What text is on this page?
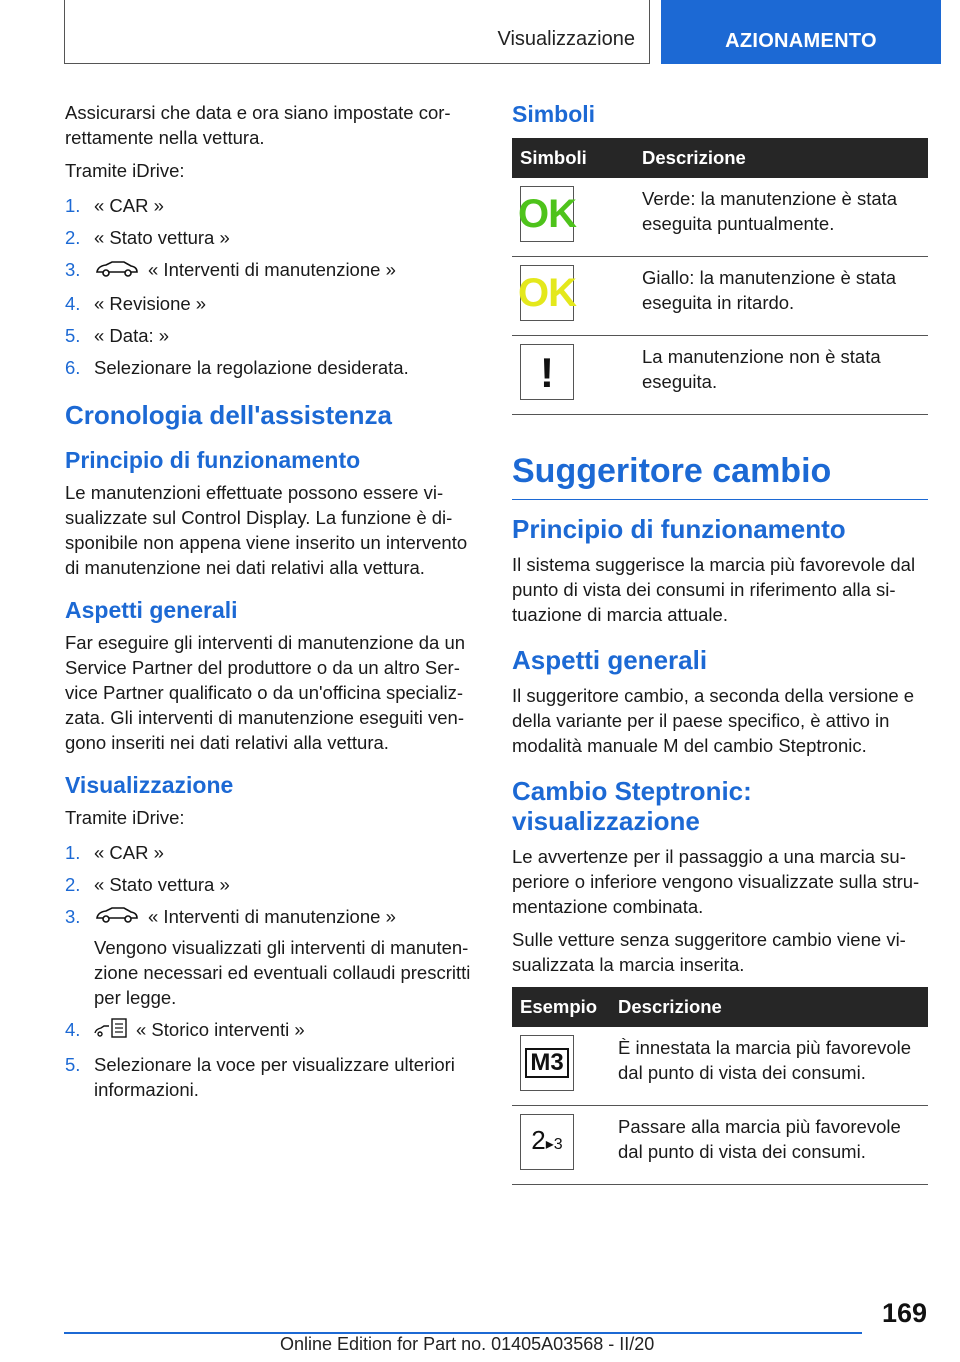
Visualizzazione	AZIONAMENTO

Assicurarsi che data e ora siano impostate cor-rettamente nella vettura.

Tramite iDrive:

1. « CAR »
2. « Stato vettura »
3.	« Interventi di manutenzione »
4. « Revisione »
5. « Data: »
6. Selezionare la regolazione desiderata.
Cronologia dell'assistenza
Principio di funzionamento

Le manutenzioni effettuate possono essere vi-sualizzate sul Control Display. La funzione è di-sponibile non appena viene inserito un intervento di manutenzione nei dati relativi alla vettura.

Aspetti generali

Far eseguire gli interventi di manutenzione da un Service Partner del produttore o da un altro Ser-vice Partner qualificato o da un'officina specializ-zata. Gli interventi di manutenzione eseguiti ven-gono inseriti nei dati relativi alla vettura.

Visualizzazione

Tramite iDrive:

1. « CAR »
2. « Stato vettura »
3.	« Interventi di manutenzione »
Vengono visualizzati gli interventi di manuten-zione necessari ed eventuali collaudi prescritti per legge.
4.	« Storico interventi »
5. Selezionare la voce per visualizzare ulteriori informazioni.
Simboli
Simboli	Descrizione

OK	Verde: la manutenzione è stata eseguita puntualmente.

OK	Giallo: la manutenzione è stata eseguita in ritardo.

!	La manutenzione non è stata eseguita.
Suggeritore cambio
Principio di funzionamento

Il sistema suggerisce la marcia più favorevole dal punto di vista dei consumi in riferimento alla si-tuazione di marcia attuale.

Aspetti generali

Il suggeritore cambio, a seconda della versione e della variante per il paese specifico, è attivo in modalità manuale M del cambio Steptronic.

Cambio Steptronic: visualizzazione

Le avvertenze per il passaggio a una marcia su-periore o inferiore vengono visualizzate sulla stru-mentazione combinata.

Sulle vetture senza suggeritore cambio viene vi-sualizzata la marcia inserita.

Esempio	Descrizione

M3	È innestata la marcia più favorevole dal punto di vista dei consumi.

2▸3	Passare alla marcia più favorevole dal punto di vista dei consumi.
169
Online Edition for Part no. 01405A03568 - II/20
